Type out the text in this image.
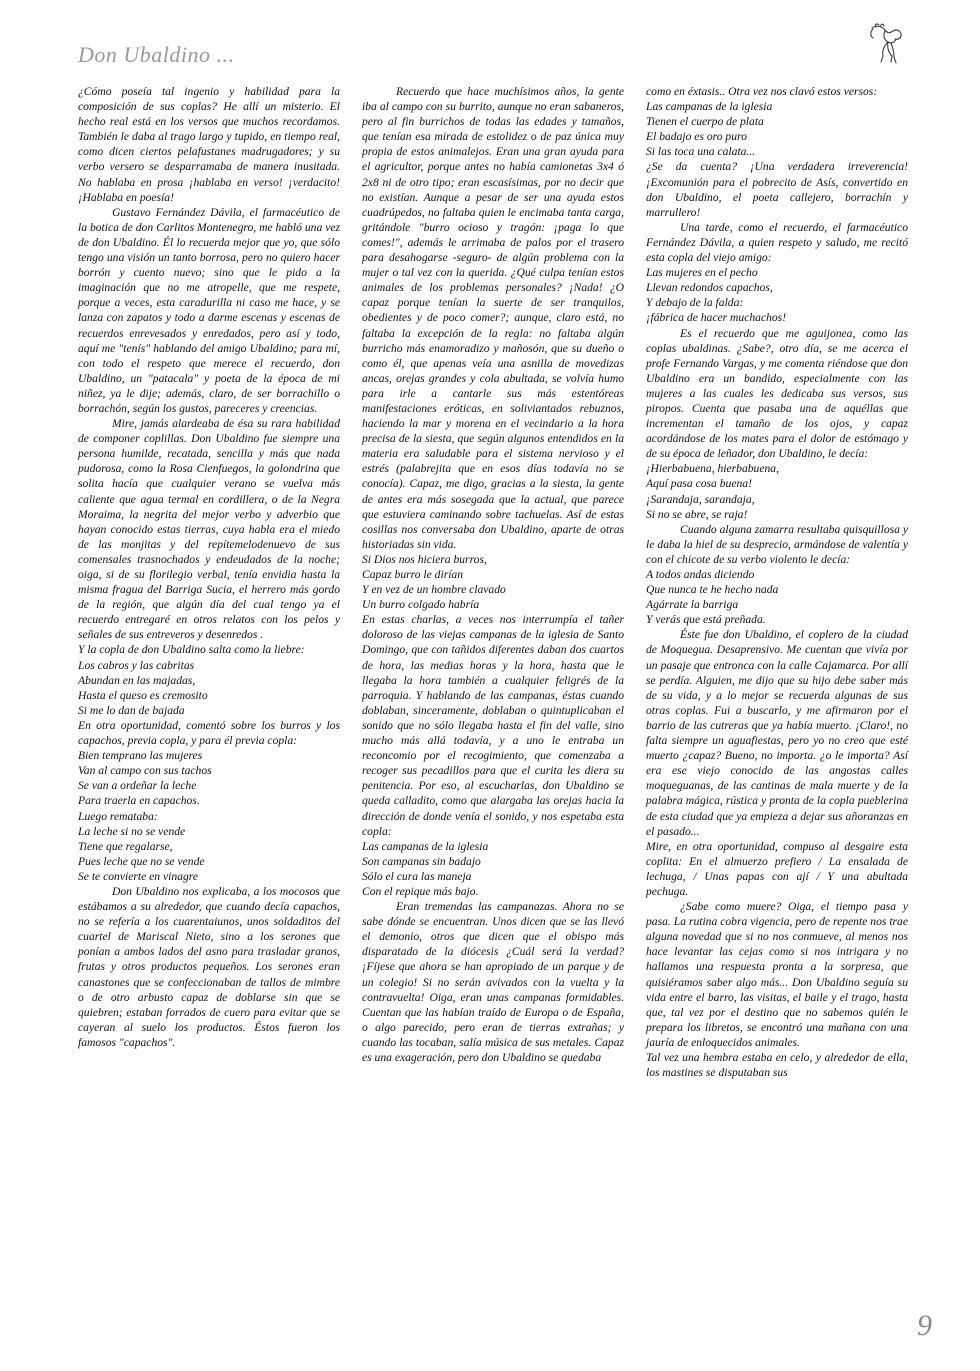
Don Ubaldino ...

¿Cómo poseía tal ingenio y habilidad para la composición de sus coplas? He allí un misterio. El hecho real está en los versos que muchos recordamos. También le daba al trago largo y tupido, en tiempo real, como dicen ciertos pelafustanes madrugadores; y su verbo versero se desparramaba de manera inusitada. No hablaba en prosa ¡hablaba en verso! ¡verdacito! ¡Hablaba en poesía!

Gustavo Fernández Dávila, el farmacéutico de la botica de don Carlitos Montenegro, me habló una vez de don Ubaldino. Él lo recuerda mejor que yo, que sólo tengo una visión un tanto borrosa, pero no quiero hacer borrón y cuento nuevo; sino que le pido a la imaginación que no me atropelle, que me respete, porque a veces, esta caradurilla ni caso me hace, y se lanza con zapatos y todo a darme escenas y escenas de recuerdos enrevesados y enredados, pero así y todo, aquí me "tenís" hablando del amigo Ubaldino; para mí, con todo el respeto que merece el recuerdo, don Ubaldino, un "patacala" y poeta de la época de mi niñez, ya le dije; además, claro, de ser borrachillo o borrachón, según los gustos, pareceres y creencias.

Mire, jamás alardeaba de ésa su rara habilidad de componer coplillas. Don Ubaldino fue siempre una persona humilde, recatada, sencilla y más que nada pudorosa, como la Rosa Cienfuegos, la golondrina que solita hacía que cualquier verano se vuelva más caliente que agua termal en cordillera, o de la Negra Moraima, la negrita del mejor verbo y adverbio que hayan conocido estas tierras, cuya habla era el miedo de las monjitas y del repítemelodenuevo de sus comensales trasnochados y endeudados de la noche; oiga, si de su florilegio verbal, tenía envidia hasta la misma fragua del Barriga Sucia, el herrero más gordo de la región, que algún día del cual tengo ya el recuerdo entregaré en otros relatos con los pelos y señales de sus entreveros y desenredos .

Y la copla de don Ubaldino salta como la liebre:

Los cabros y las cabritas

Abundan en las majadas,

Hasta el queso es cremosito

Si me lo dan de bajada

En otra oportunidad, comentó sobre los burros y los capachos, previa copla, y para él previa copla:

Bien temprano las mujeres

Van al campo con sus tachos

Se van a ordeñar la leche

Para traerla en capachos.

Luego remataba:

La leche si no se vende

Tiene que regalarse,

Pues leche que no se vende

Se te convierte en vinagre

Don Ubaldino nos explicaba, a los mocosos que estábamos a su alrededor, que cuando decía capachos, no se refería a los cuarentaiunos, unos soldaditos del cuartel de Mariscal Nieto, sino a los serones que ponían a ambos lados del asno para trasladar granos, frutas y otros productos pequeños. Los serones eran canastones que se confeccionaban de tallos de mimbre o de otro arbusto capaz de doblarse sin que se quiebren; estaban forrados de cuero para evitar que se cayeran al suelo los productos. Éstos fueron los famosos "capachos".

Recuerdo que hace muchísimos años, la gente iba al campo con su burrito, aunque no eran sabaneros, pero al fin burrichos de todas las edades y tamaños, que tenían esa mirada de estolidez o de paz única muy propia de estos animalejos. Eran una gran ayuda para el agricultor, porque antes no había camionetas 3x4 ó 2x8 ni de otro tipo; eran escasísimas, por no decir que no existían. Aunque a pesar de ser una ayuda estos cuadrúpedos, no faltaba quien le encimaba tanta carga, gritándole "burro ocioso y tragón: ¡paga lo que comes!", además le arrimaba de palos por el trasero para desahogarse -seguro- de algún problema con la mujer o tal vez con la querida. ¿Qué culpa tenían estos animales de los problemas personales? ¡Nada! ¿O capaz porque tenían la suerte de ser tranquilos, obedientes y de poco comer?; aunque, claro está, no faltaba la excepción de la regla: no faltaba algún burricho más enamoradizo y mañosón, que su dueño o como él, que apenas veía una asnilla de movedizas ancas, orejas grandes y cola abultada, se volvía humo para irle a cantarle sus más estentóreas manifestaciones eróticas, en soliviantados rebuznos, haciendo la mar y morena en el vecindario a la hora precisa de la siesta, que según algunos entendidos en la materia era saludable para el sistema nervioso y el estrés (palabrejita que en esos días todavía no se conocía). Capaz, me digo, gracias a la siesta, la gente de antes era más sosegada que la actual, que parece que estuviera caminando sobre tachuelas. Así de estas cosillas nos conversaba don Ubaldino, aparte de otras historiadas sin vida.

Si Dios nos hiciera burros,

Capaz burro le dirían

Y en vez de un hombre clavado

Un burro colgado habría

En estas charlas, a veces nos interrumpía el tañer doloroso de las viejas campanas de la iglesia de Santo Domingo, que con tañidos diferentes daban dos cuartos de hora, las medias horas y la hora, hasta que le llegaba la hora también a cualquier feligrés de la parroquia. Y hablando de las campanas, éstas cuando doblaban, sinceramente, doblaban o quintuplicaban el sonido que no sólo llegaba hasta el fin del valle, sino mucho más allá todavía, y a uno le entraba un reconcomio por el recogimiento, que comenzaba a recoger sus pecadillos para que el curita les diera su penitencia. Por eso, al escucharlas, don Ubaldino se queda calladito, como que alargaba las orejas hacia la dirección de donde venía el sonido, y nos espetaba esta copla:

Las campanas de la iglesia

Son campanas sin badajo

Sólo el cura las maneja

Con el repique más bajo.

Eran tremendas las campanazas. Ahora no se sabe dónde se encuentran. Unos dicen que se las llevó el demonio, otros que dicen que el obispo más disparatado de la diócesis ¿Cuál será la verdad? ¡Fíjese que ahora se han apropiado de un parque y de un colegio! Si no serán avivados con la vuelta y la contravuelta! Oiga, eran unas campanas formidables. Cuentan que las habían traído de Europa o de España, o algo parecido, pero eran de tierras extrañas; y cuando las tocaban, salía música de sus metales. Capaz es una exageración, pero don Ubaldino se quedaba

como en éxtasis.. Otra vez nos clavó estos versos:

Las campanas de la iglesia

Tienen el cuerpo de plata

El badajo es oro puro

Si las toca una calata...

¿Se da cuenta? ¡Una verdadera irreverencia! ¡Excomunión para el pobrecito de Asís, convertido en don Ubaldino, el poeta callejero, borrachín y marrullero!

Una tarde, como el recuerdo, el farmacéutico Fernández Dávila, a quien respeto y saludo, me recitó esta copla del viejo amigo:

Las mujeres en el pecho

Llevan redondos capachos,

Y debajo de la falda:

¡fábrica de hacer muchachos!

Es el recuerdo que me aguijonea, como las coplas ubaldinas. ¿Sabe?, otro día, se me acerca el profe Fernando Vargas, y me comenta riéndose que don Ubaldino era un bandido, especialmente con las mujeres a las cuales les dedicaba sus versos, sus piropos. Cuenta que pasaba una de aquéllas que incrementan el tamaño de los ojos, y capaz acordándose de los mates para el dolor de estómago y de su época de leñador, don Ubaldino, le decía:

¡Hierbabuena, hierbabuena,

Aquí pasa cosa buena!

¡Sarandaja, sarandaja,

Si no se abre, se raja!

Cuando alguna zamarra resultaba quisquillosa y le daba la hiel de su desprecio, armándose de valentía y con el chicote de su verbo violento le decía:

A todos andas diciendo

Que nunca te he hecho nada

Agárrate la barriga

Y verás que está preñada.

Éste fue don Ubaldino, el coplero de la ciudad de Moquegua. Desaprensivo. Me cuentan que vivía por un pasaje que entronca con la calle Cajamarca. Por allí se perdía. Alguien, me dijo que su hijo debe saber más de su vida, y a lo mejor se recuerda algunas de sus otras coplas. Fui a buscarlo, y me afirmaron por el barrio de las cutreras que ya había muerto. ¡Claro!, no falta siempre un aguafiestas, pero yo no creo que esté muerto ¿capaz? Bueno, no importa. ¿o le importa? Así era ese viejo conocido de las angostas calles moqueguanas, de las cantinas de mala muerte y de la palabra mágica, rústica y pronta de la copla pueblerina de esta ciudad que ya empieza a dejar sus añoranzas en el pasado...

Mire, en otra oportunidad, compuso al desgaire esta coplita: En el almuerzo prefiero / La ensalada de lechuga, / Unas papas con ají / Y una abultada pechuga.

¿Sabe como muere? Oiga, el tiempo pasa y pasa. La rutina cobra vigencia, pero de repente nos trae alguna novedad que si no nos conmueve, al menos nos hace levantar las cejas como si nos intrigara y no hallamos una respuesta pronta a la sorpresa, que quisiéramos saber algo más... Don Ubaldino seguía su vida entre el barro, las visitas, el baile y el trago, hasta que, tal vez por el destino que no sabemos quién le prepara los libretos, se encontró una mañana con una jauría de enloquecidos animales.

Tal vez una hembra estaba en celo, y alrededor de ella, los mastines se disputaban sus

9
